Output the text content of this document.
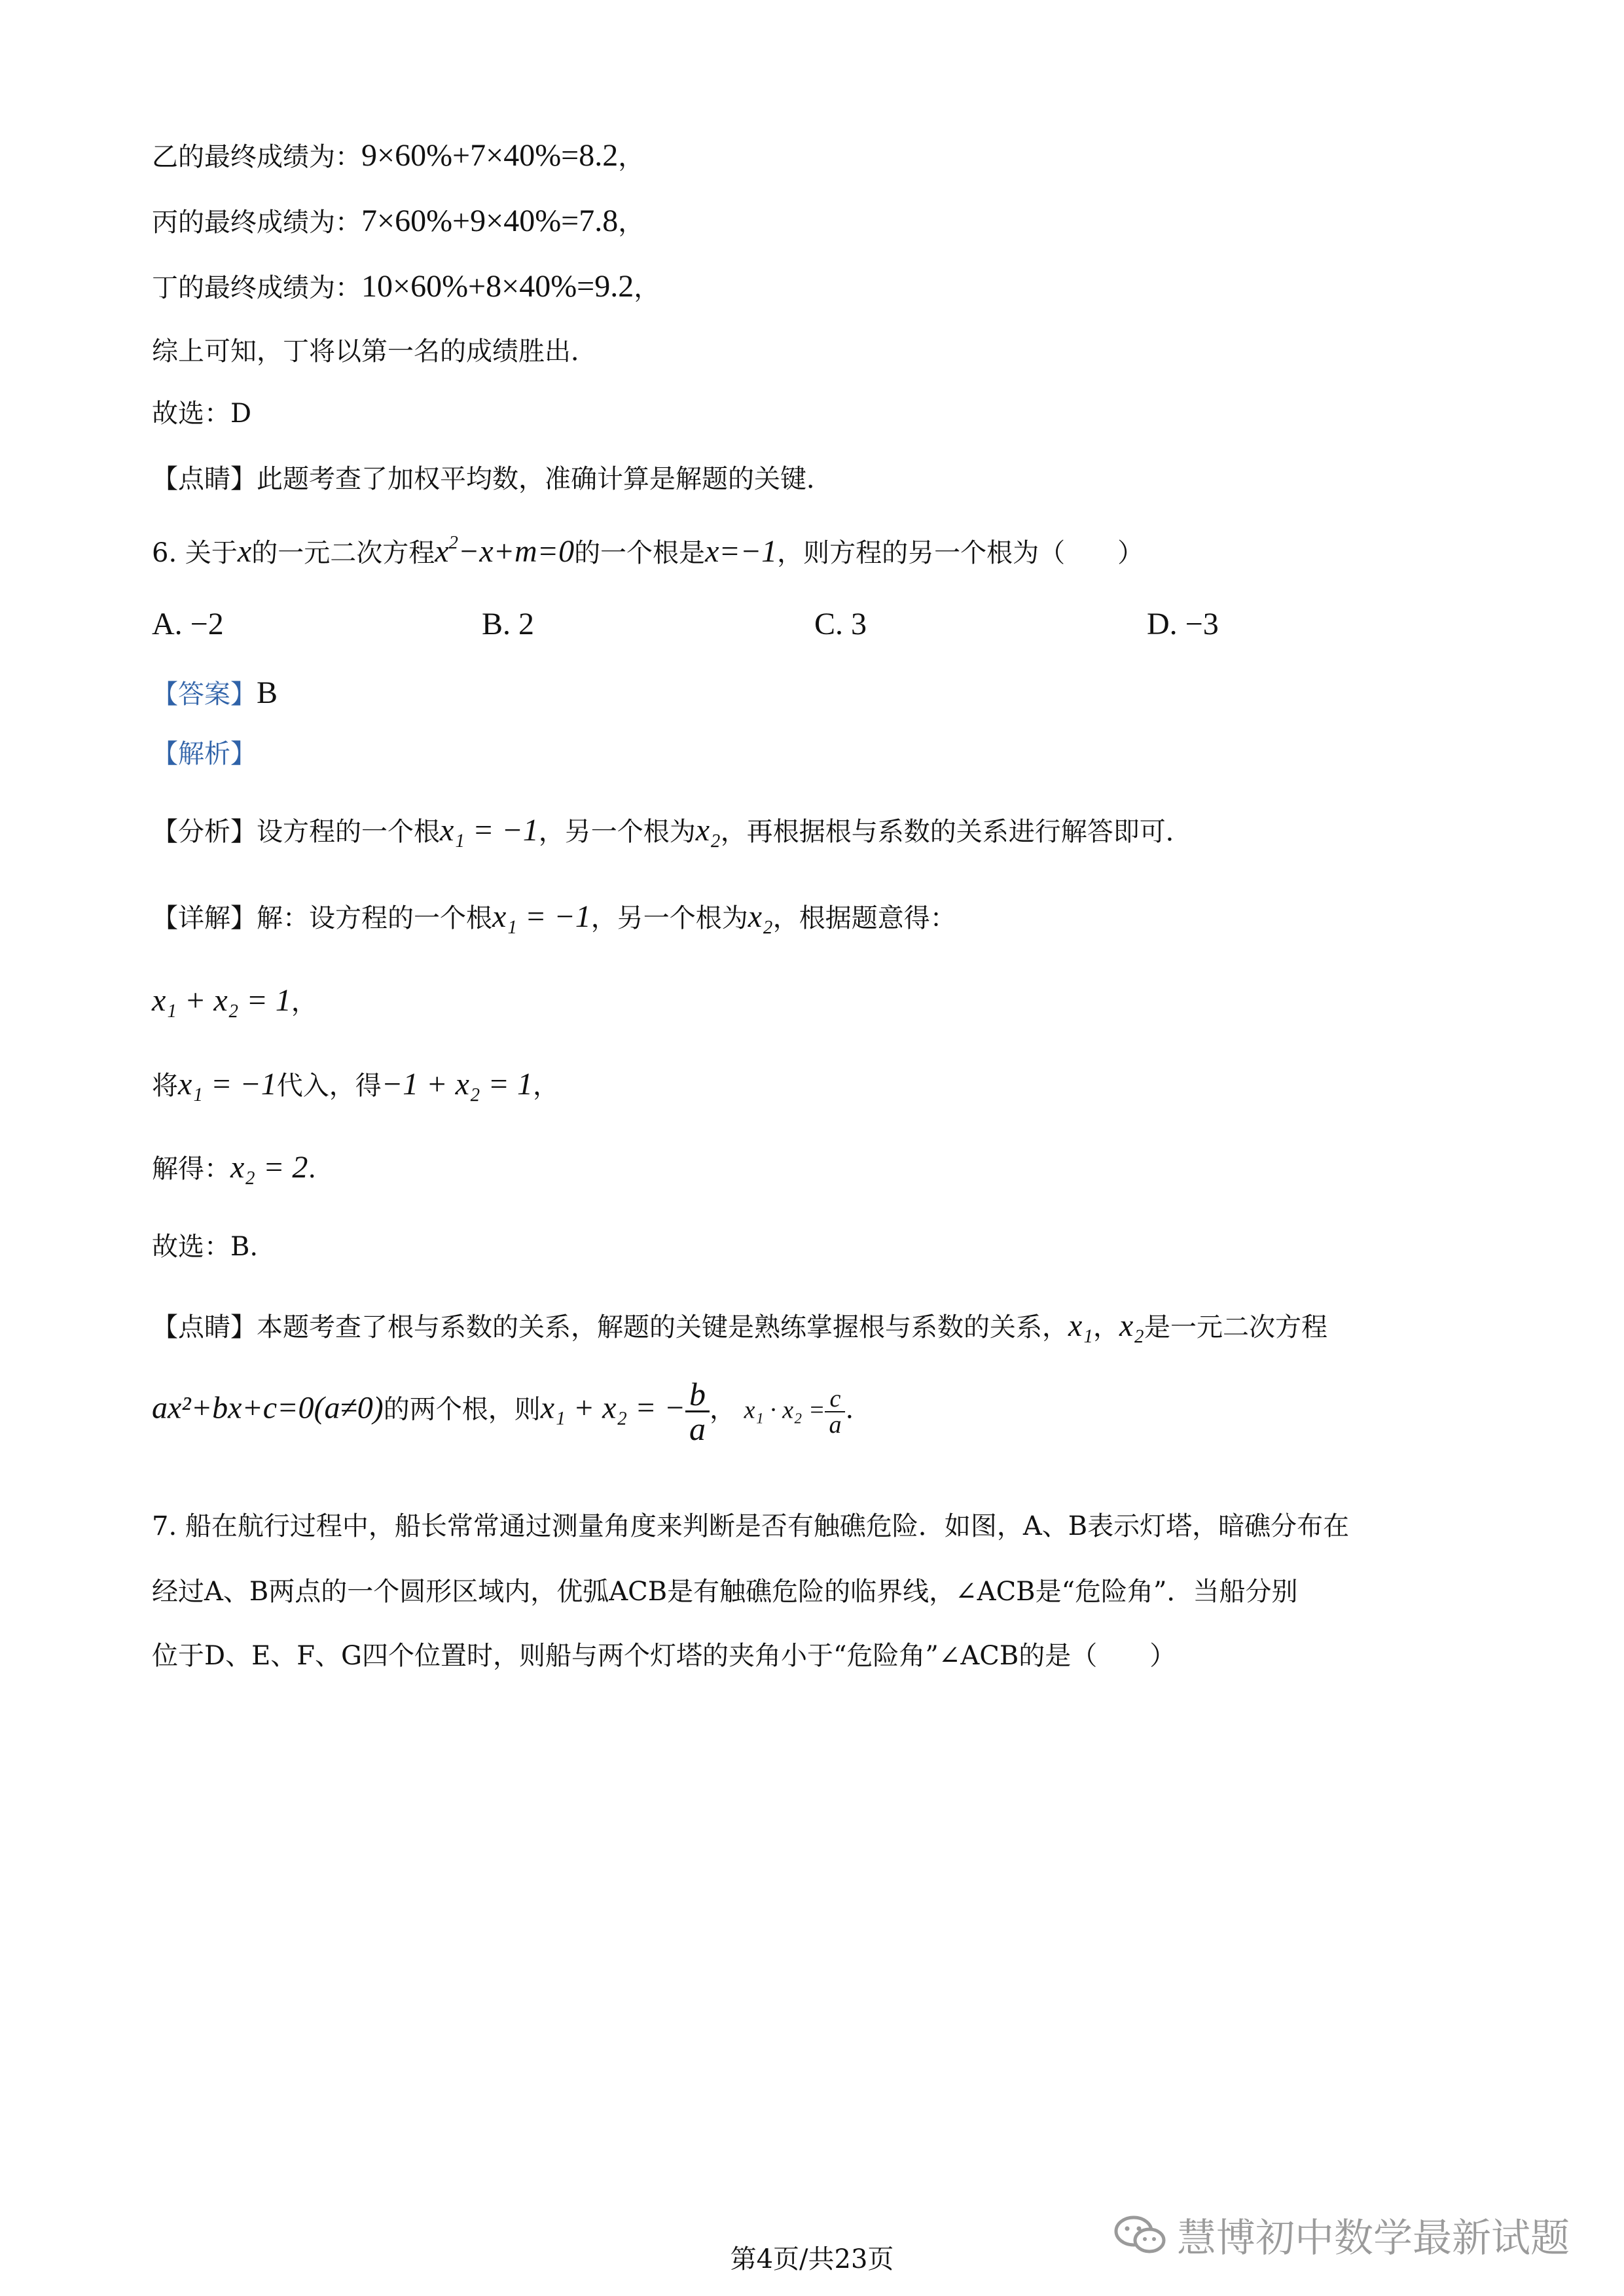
乙的最终成绩为：9×60%+7×40%=8.2，
丙的最终成绩为：7×60%+9×40%=7.8，
丁的最终成绩为：10×60%+8×40%=9.2，
综上可知，丁将以第一名的成绩胜出．
故选：D
【点睛】此题考查了加权平均数，准确计算是解题的关键．
6. 关于x的一元二次方程$x^2-x+m=0$的一个根是x=−1，则方程的另一个根为（　　）
A. −2	B. 2	C. 3	D. −3
【答案】B
【解析】
【分析】设方程的一个根x₁ = −1，另一个根为x₂，再根据根与系数的关系进行解答即可．
【详解】解：设方程的一个根x₁ = −1，另一个根为x₂，根据题意得：
x₁ + x₂ = 1，
将x₁ = −1代入，得−1 + x₂ = 1，
解得：x₂ = 2.
故选：B.
【点睛】本题考查了根与系数的关系，解题的关键是熟练掌握根与系数的关系，x₁，x₂是一元二次方程
ax²+bx+c=0(a≠0)的两个根，则x₁ + x₂ = − $\frac{b}{a}$ ， $x_1 \cdot x_2 = \frac{c}{a}$ .
7. 船在航行过程中，船长常常通过测量角度来判断是否有触礁危险．如图，A、B表示灯塔，暗礁分布在
经过A、B两点的一个圆形区域内，优弧ACB是有触礁危险的临界线，∠ACB是“危险角”．当船分别
位于D、E、F、G四个位置时，则船与两个灯塔的夹角小于“危险角”∠ACB的是（　　）
慧博初中数学最新试题
第4页/共23页
